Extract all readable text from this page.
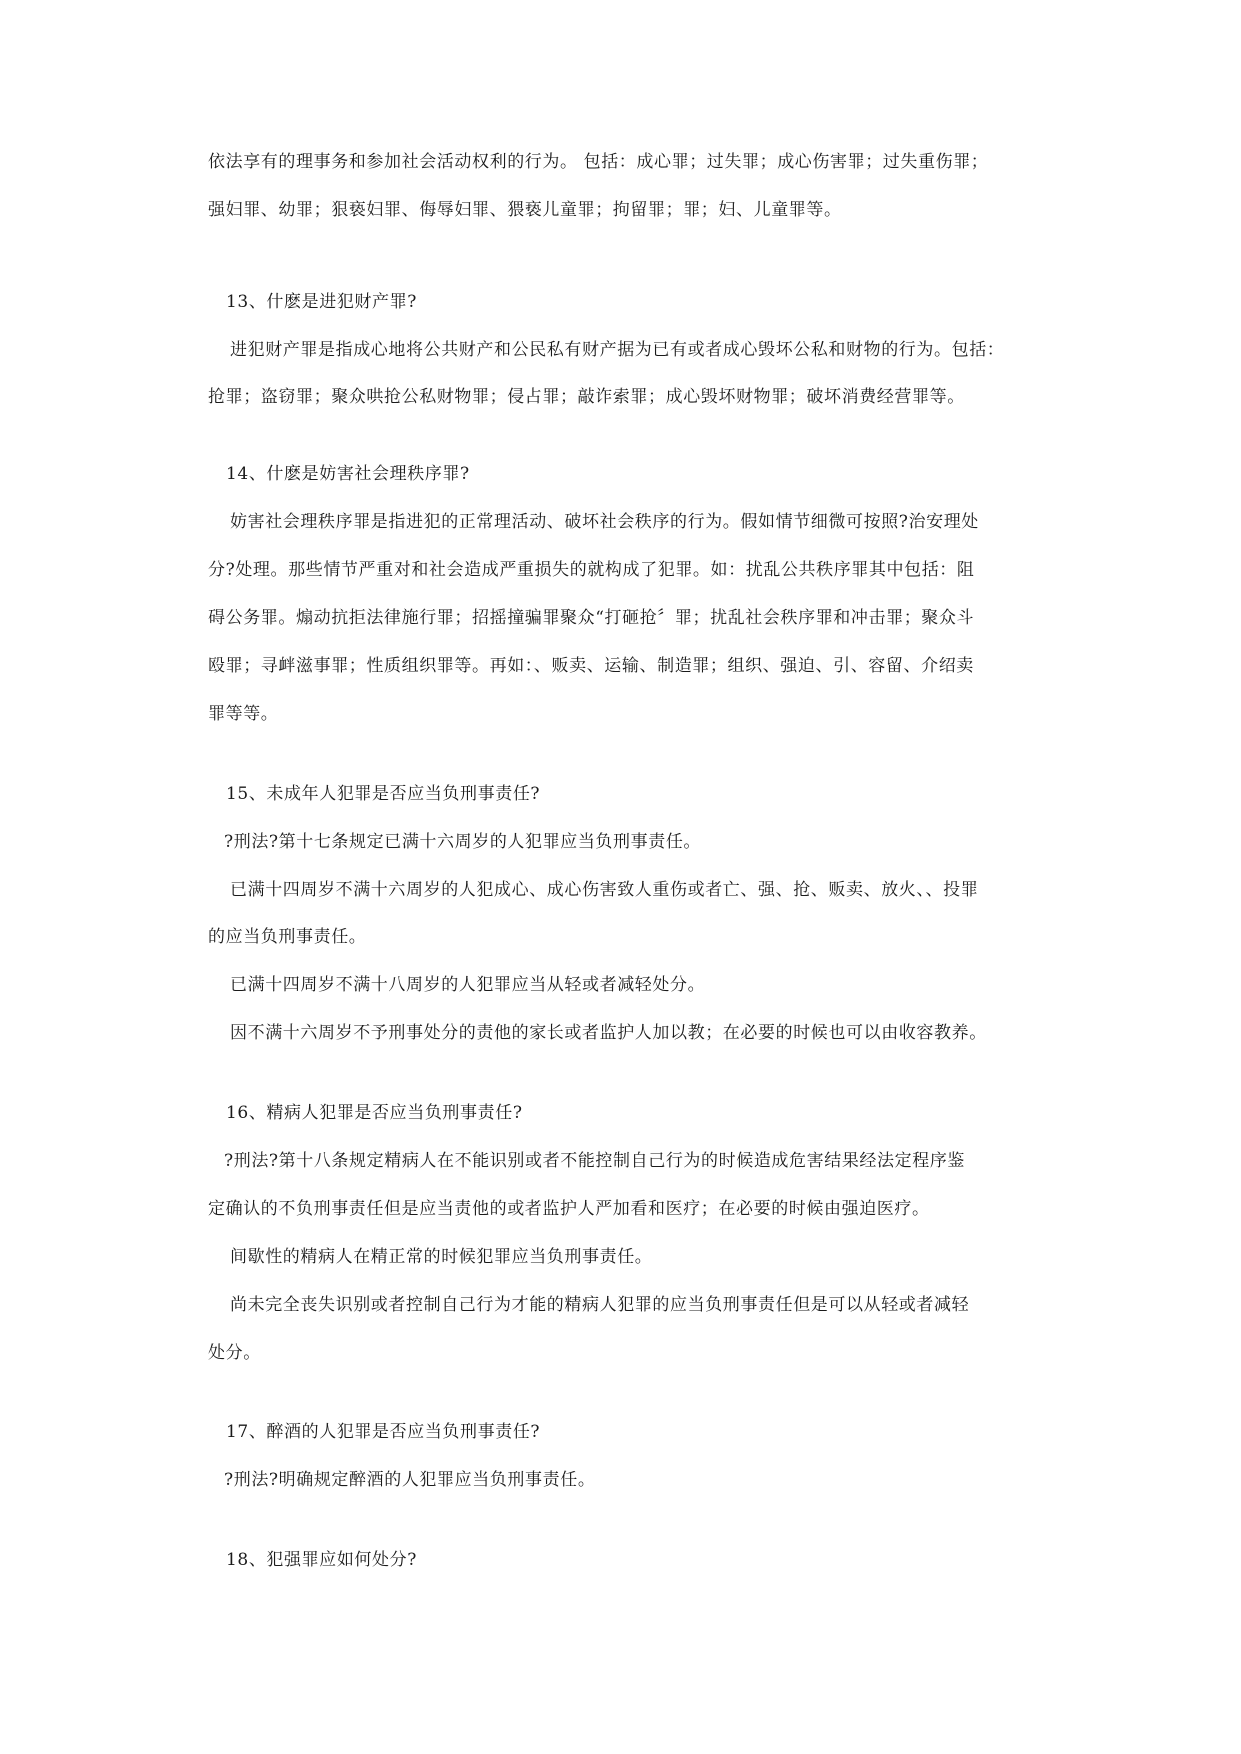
依法享有的理事务和参加社会活动权利的行为。 包括：成心罪；过失罪；成心伤害罪；过失重伤罪；
强妇罪、幼罪；狠亵妇罪、侮辱妇罪、猥亵儿童罪；拘留罪；罪；妇、儿童罪等。
13、什麽是进犯财产罪?
进犯财产罪是指成心地将公共财产和公民私有财产据为已有或者成心毁坏公私和财物的行为。包括：
抢罪；盗窃罪；聚众哄抢公私财物罪；侵占罪；敲诈索罪；成心毁坏财物罪；破坏消费经营罪等。
14、什麽是妨害社会理秩序罪?
妨害社会理秩序罪是指进犯的正常理活动、破坏社会秩序的行为。假如情节细微可按照?治安理处
分?处理。那些情节严重对和社会造成严重损失的就构成了犯罪。如：扰乱公共秩序罪其中包括：阻
碍公务罪。煽动抗拒法律施行罪；招摇撞骗罪聚众“打砸抢〞罪；扰乱社会秩序罪和冲击罪；聚众斗
殴罪；寻衅滋事罪；性质组织罪等。再如：、贩卖、运输、制造罪；组织、强迫、引、容留、介绍卖
罪等等。
15、未成年人犯罪是否应当负刑事责任?
?刑法?第十七条规定已满十六周岁的人犯罪应当负刑事责任。
已满十四周岁不满十六周岁的人犯成心、成心伤害致人重伤或者亡、强、抢、贩卖、放火、、投罪
的应当负刑事责任。
已满十四周岁不满十八周岁的人犯罪应当从轻或者减轻处分。
因不满十六周岁不予刑事处分的责他的家长或者监护人加以教；在必要的时候也可以由收容教养。
16、精病人犯罪是否应当负刑事责任?
?刑法?第十八条规定精病人在不能识别或者不能控制自己行为的时候造成危害结果经法定程序鉴
定确认的不负刑事责任但是应当责他的或者监护人严加看和医疗；在必要的时候由强迫医疗。
间歇性的精病人在精正常的时候犯罪应当负刑事责任。
尚未完全丧失识别或者控制自己行为才能的精病人犯罪的应当负刑事责任但是可以从轻或者减轻
处分。
17、醉酒的人犯罪是否应当负刑事责任?
?刑法?明确规定醉酒的人犯罪应当负刑事责任。
18、犯强罪应如何处分?
